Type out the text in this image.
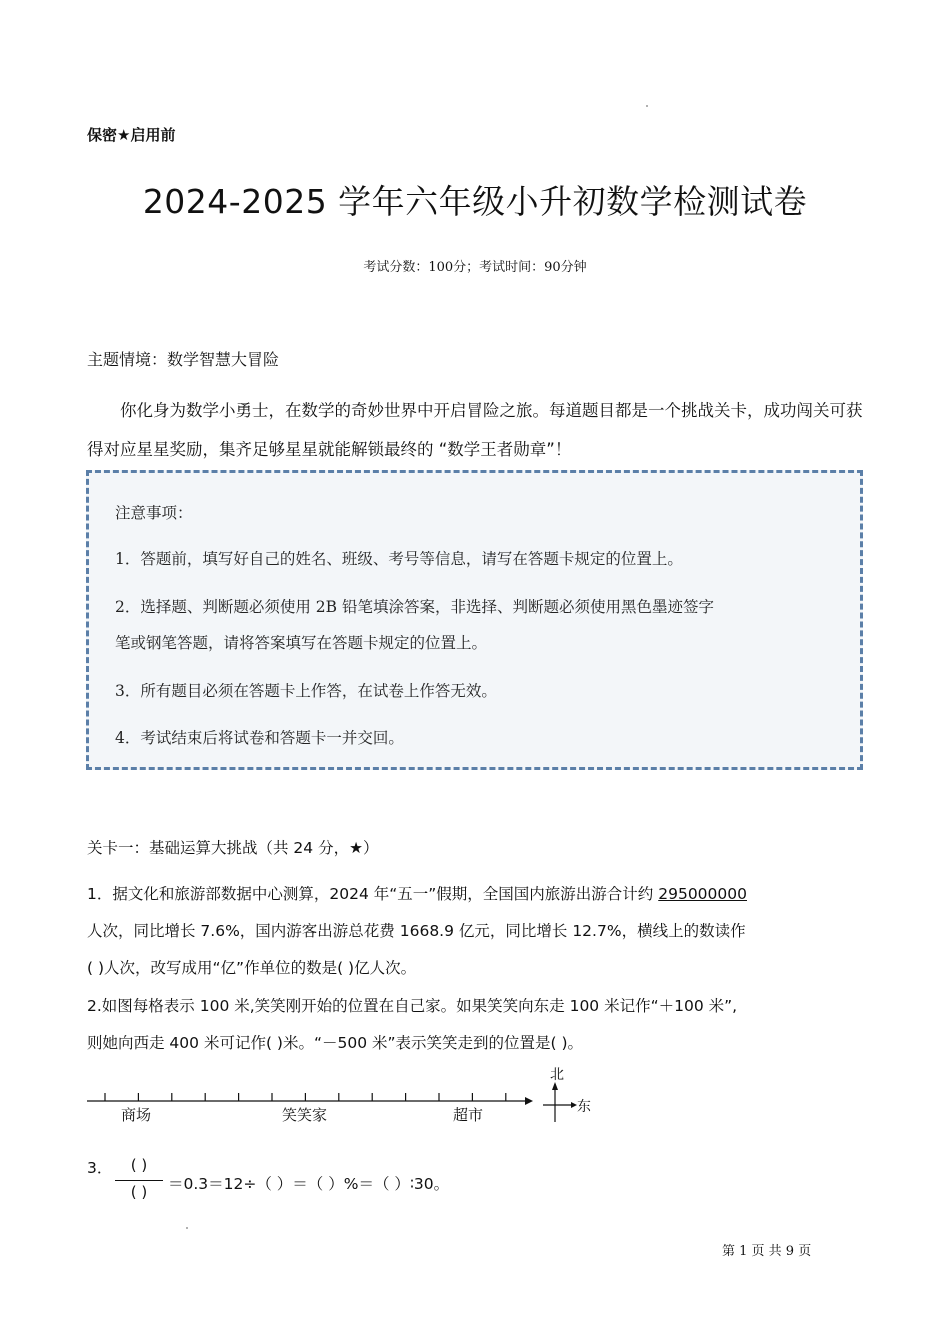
保密★启用前
2024-2025 学年六年级小升初数学检测试卷
考试分数：100分；考试时间：90分钟
主题情境：数学智慧大冒险
你化身为数学小勇士，在数学的奇妙世界中开启冒险之旅。每道题目都是一个挑战关卡，成功闯关可获得对应星星奖励，集齐足够星星就能解锁最终的 “数学王者勋章”！

注意事项：

1．答题前，填写好自己的姓名、班级、考号等信息，请写在答题卡规定的位置上。

2．选择题、判断题必须使用 2B 铅笔填涂答案，非选择、判断题必须使用黑色墨迹签字

笔或钢笔答题，请将答案填写在答题卡规定的位置上。

3．所有题目必须在答题卡上作答，在试卷上作答无效。

4．考试结束后将试卷和答题卡一并交回。

关卡一：基础运算大挑战（共 24 分，★）
1．据文化和旅游部数据中心测算，2024 年“五一”假期，全国国内旅游出游合计约 295000000
人次，同比增长 7.6%，国内游客出游总花费 1668.9 亿元，同比增长 12.7%，横线上的数读作
( )人次，改写成用“亿”作单位的数是( )亿人次。
2.如图每格表示 100 米,笑笑刚开始的位置在自己家。如果笑笑向东走 100 米记作“＋100 米”,
则她向西走 400 米可记作( )米。“－500 米”表示笑笑走到的位置是( )。
商场	笑笑家	超市
北
东
3．	( )
( )	＝0.3＝12÷（ ）＝（ ）%＝（ ）∶30。
第 1 页 共 9 页
